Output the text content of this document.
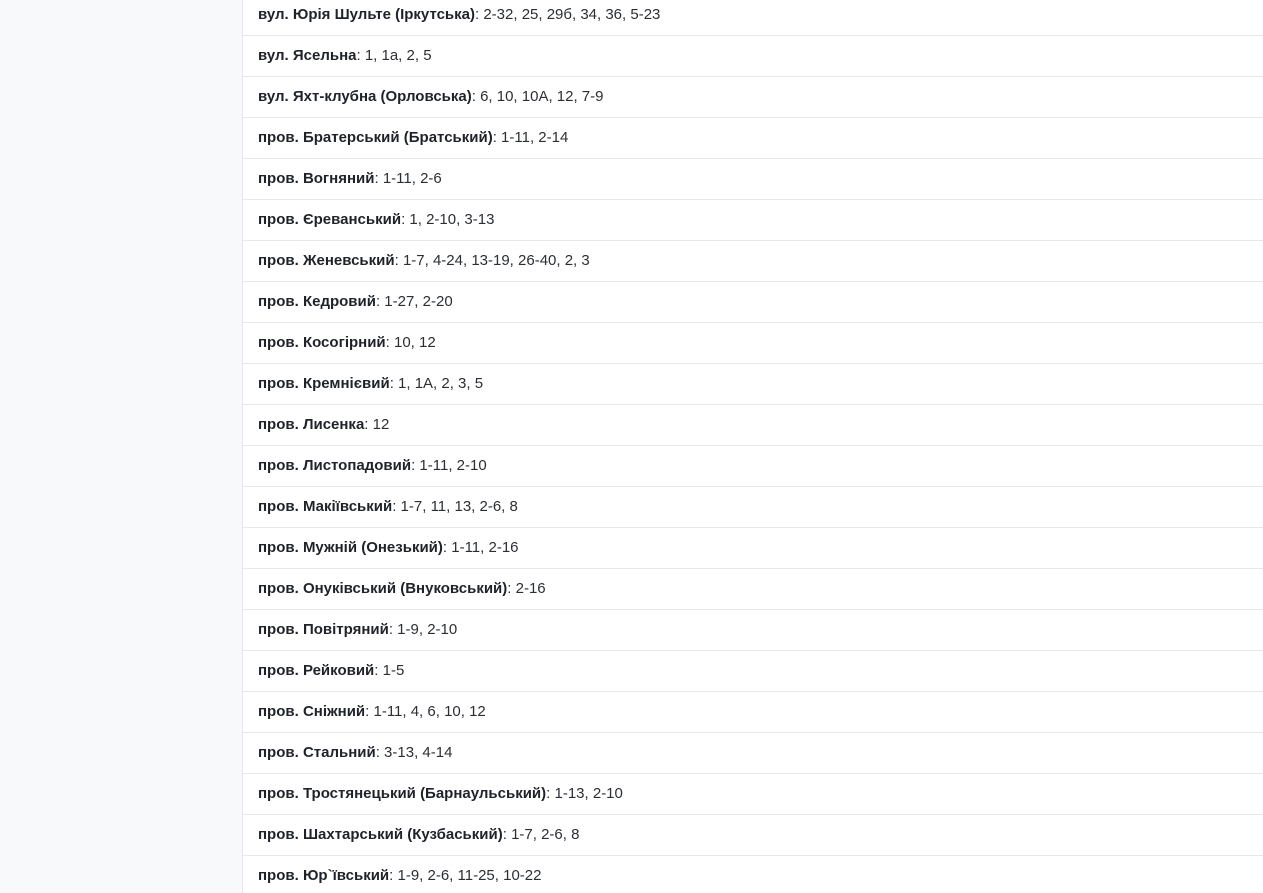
вул. Юрія Шульте (Іркутська) : 2-32, 25, 29б, 34, 36, 5-23
вул. Ясельна : 1, 1а, 2, 5
вул. Яхт-клубна (Орловська) : 6, 10, 10А, 12, 7-9
пров. Братерський (Братський) : 1-11, 2-14
пров. Вогняний : 1-11, 2-6
пров. Єреванський : 1, 2-10, 3-13
пров. Женевський : 1-7, 4-24, 13-19, 26-40, 2, 3
пров. Кедровий : 1-27, 2-20
пров. Косогірний : 10, 12
пров. Кремнієвий : 1, 1А, 2, 3, 5
пров. Лисенка : 12
пров. Листопадовий : 1-11, 2-10
пров. Макіївський : 1-7, 11, 13, 2-6, 8
пров. Мужній (Онезький) : 1-11, 2-16
пров. Онуківський (Внуковський) : 2-16
пров. Повітряний : 1-9, 2-10
пров. Рейковий : 1-5
пров. Сніжний : 1-11, 4, 6, 10, 12
пров. Стальний : 3-13, 4-14
пров. Тростянецький (Барнаульський) : 1-13, 2-10
пров. Шахтарський (Кузбаський) : 1-7, 2-6, 8
пров. Юр`ївський : 1-9, 2-6, 11-25, 10-22
